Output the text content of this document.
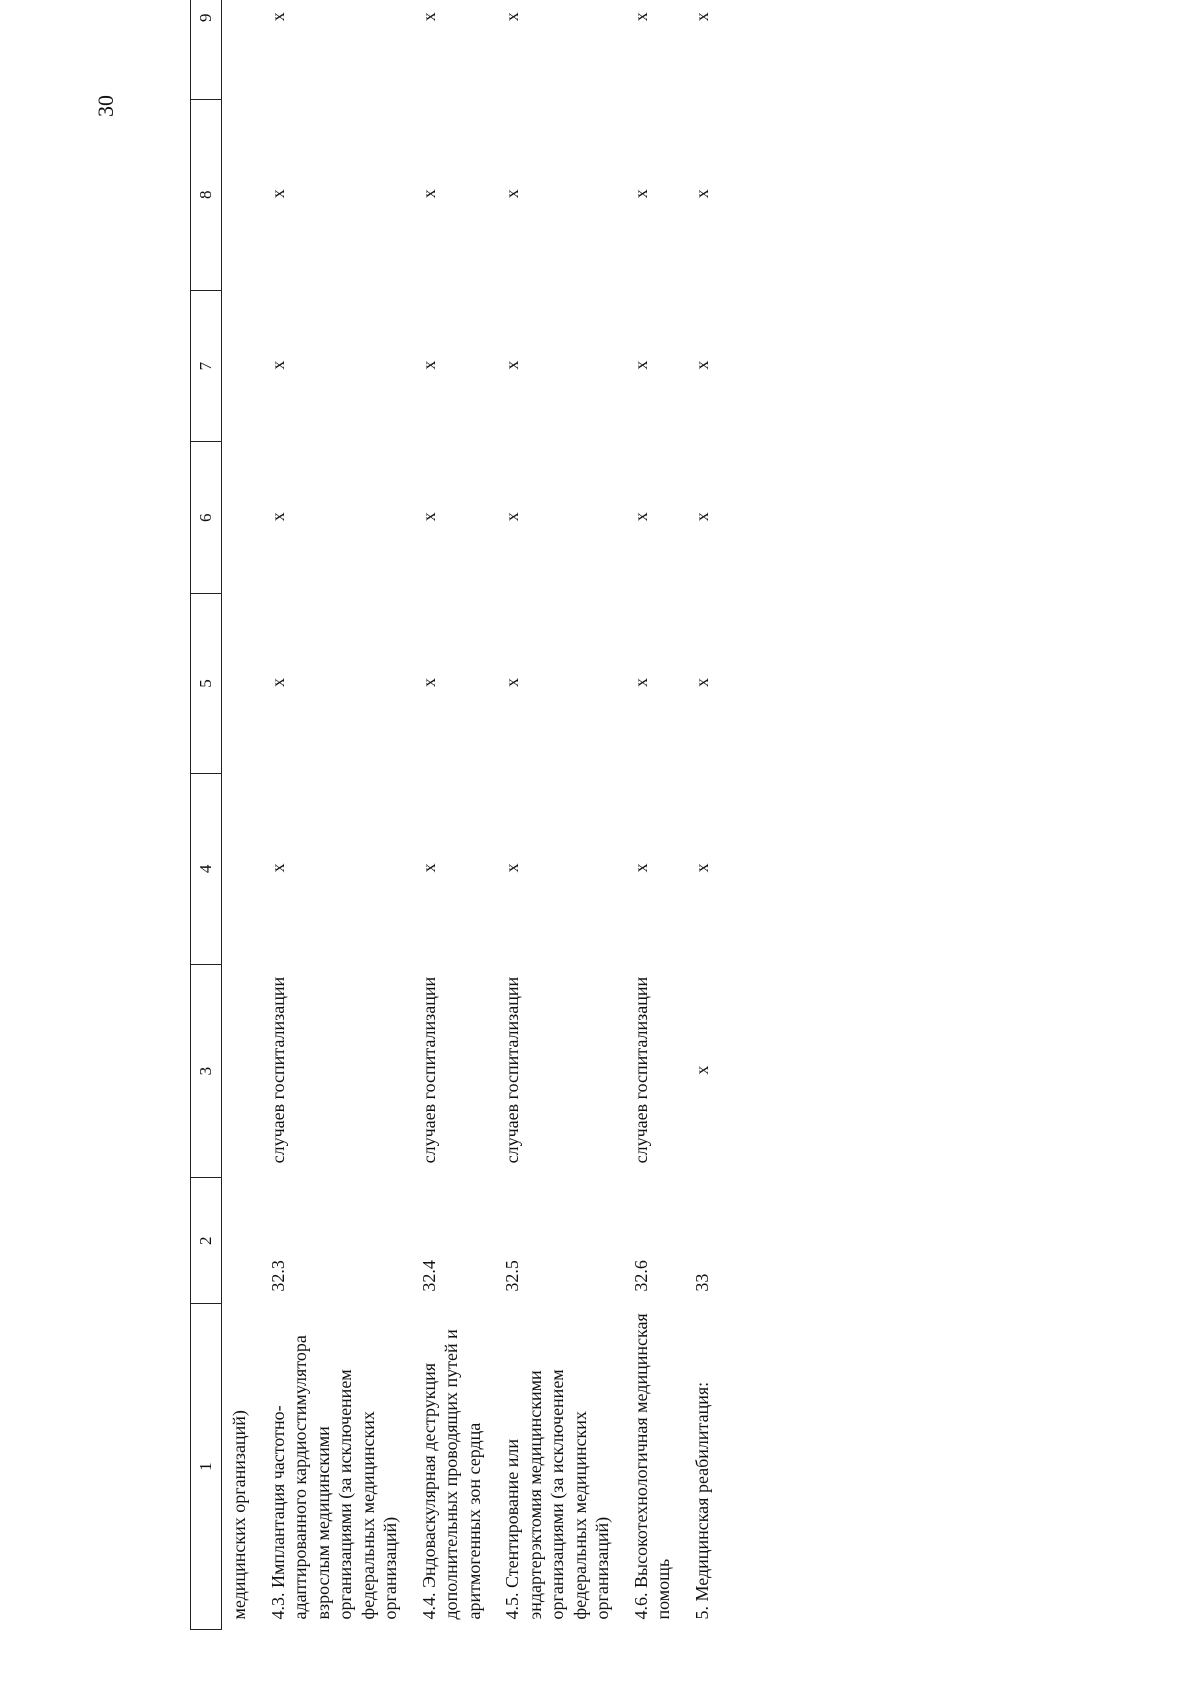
30
1	2	3	4	5	6	7	8	9	
медицинских организаций)									
4.3. Имплантация частотно-адаптированного кардиостимулятора взрослым медицинскими организациями (за исключением федеральных медицинских организаций)	32.3	случаев госпитализации	x	x	x	x	x	x	
4.4. Эндоваскулярная деструкция дополнительных проводящих путей и аритмогенных зон сердца	32.4	случаев госпитализации	x	x	x	x	x	x	
4.5. Стентирование или эндартерэктомия медицинскими организациями (за исключением федеральных медицинских организаций)	32.5	случаев госпитализации	x	x	x	x	x	x	
4.6. Высокотехнологичная медицинская помощь	32.6	случаев госпитализации	x	x	x	x	x	x	
5. Медицинская реабилитация:	33	x	x	x	x	x	x	x	
